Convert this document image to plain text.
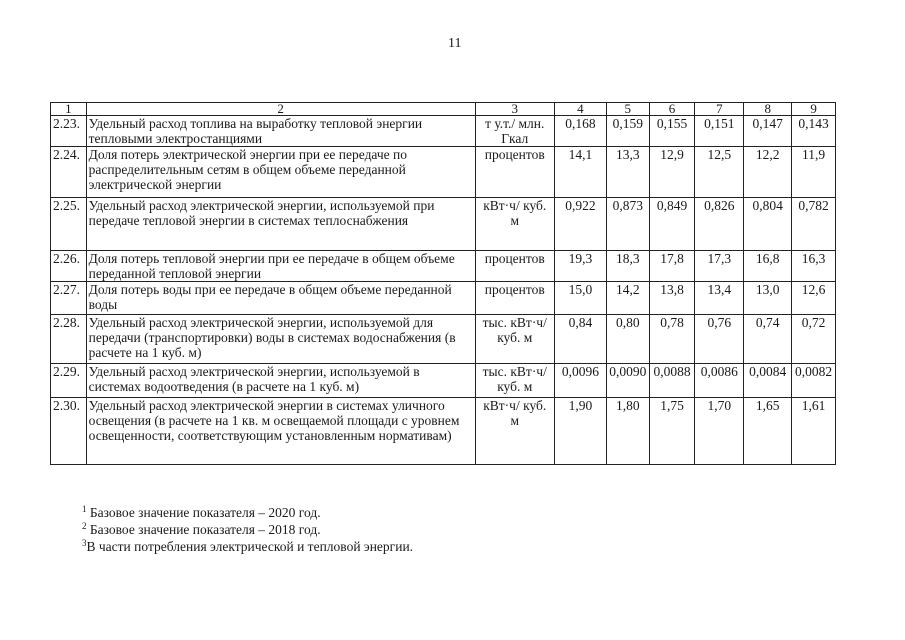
11
1	2	3	4	5	6	7	8	9
2.23.	Удельный расход топлива на выработку тепловой энергии тепловыми электростанциями	т у.т./ млн. Гкал	0,168	0,159	0,155	0,151	0,147	0,143
2.24.	Доля потерь электрической энергии при ее передаче по распределительным сетям в общем объеме переданной электрической энергии	процентов	14,1	13,3	12,9	12,5	12,2	11,9
2.25.	Удельный расход электрической энергии, используемой при передаче тепловой энергии в системах теплоснабжения	кВт·ч/ куб. м	0,922	0,873	0,849	0,826	0,804	0,782
2.26.	Доля потерь тепловой энергии при ее передаче в общем объеме переданной тепловой энергии	процентов	19,3	18,3	17,8	17,3	16,8	16,3
2.27.	Доля потерь воды при ее передаче в общем объеме переданной воды	процентов	15,0	14,2	13,8	13,4	13,0	12,6
2.28.	Удельный расход электрической энергии, используемой для передачи (транспортировки) воды в системах водоснабжения (в расчете на 1 куб. м)	тыс. кВт·ч/ куб. м	0,84	0,80	0,78	0,76	0,74	0,72
2.29.	Удельный расход электрической энергии, используемой в системах водоотведения (в расчете на 1 куб. м)	тыс. кВт·ч/ куб. м	0,0096	0,0090	0,0088	0,0086	0,0084	0,0082
2.30.	Удельный расход электрической энергии в системах уличного освещения (в расчете на 1 кв. м освещаемой площади с уровнем освещенности, соответствующим установленным нормативам)	кВт·ч/ куб. м	1,90	1,80	1,75	1,70	1,65	1,61
$^1$ Базовое значение показателя – 2020 год.
$^2$ Базовое значение показателя – 2018 год.
$^3$В части потребления электрической и тепловой энергии.
